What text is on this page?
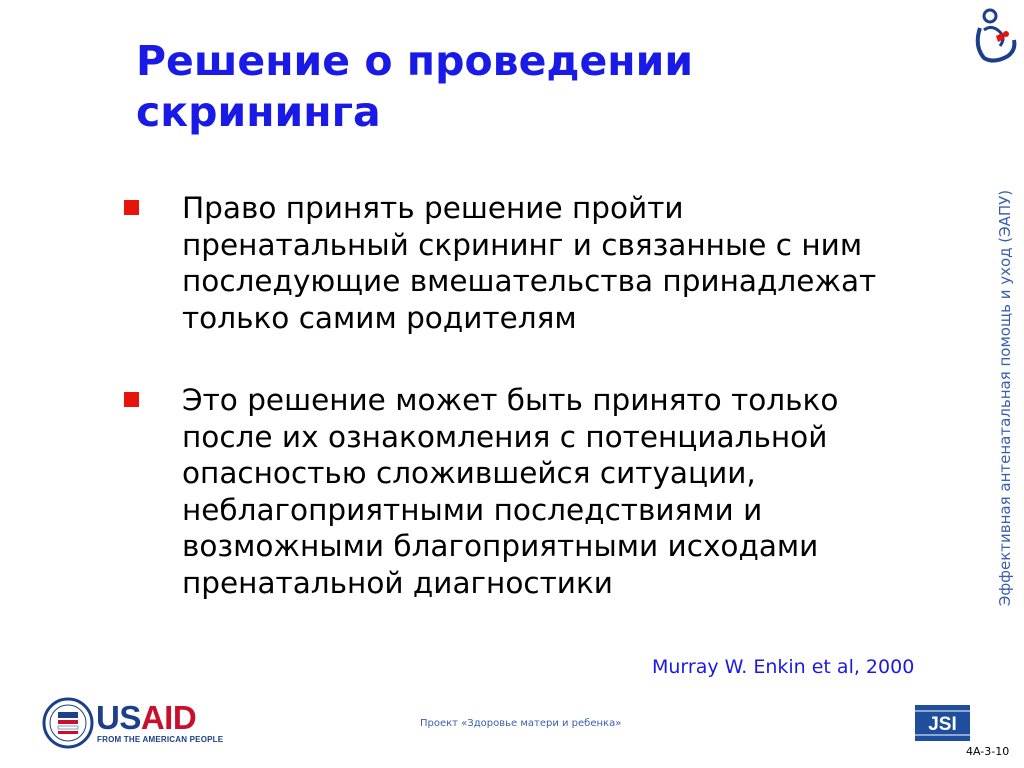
Решение о проведении скрининга
Право принять решение пройти пренатальный скрининг и связанные с ним последующие вмешательства принадлежат только самим родителям
Это решение может быть принято только после их ознакомления с потенциальной опасностью сложившейся ситуации, неблагоприятными последствиями и возможными благоприятными исходами пренатальной диагностики
Murray W. Enkin et al, 2000
Эффективная антенатальная помощь и уход (ЭАПУ)
USAID
FROM THE AMERICAN PEOPLE
Проект «Здоровье матери и ребенка»	JSI
4A-3-10
